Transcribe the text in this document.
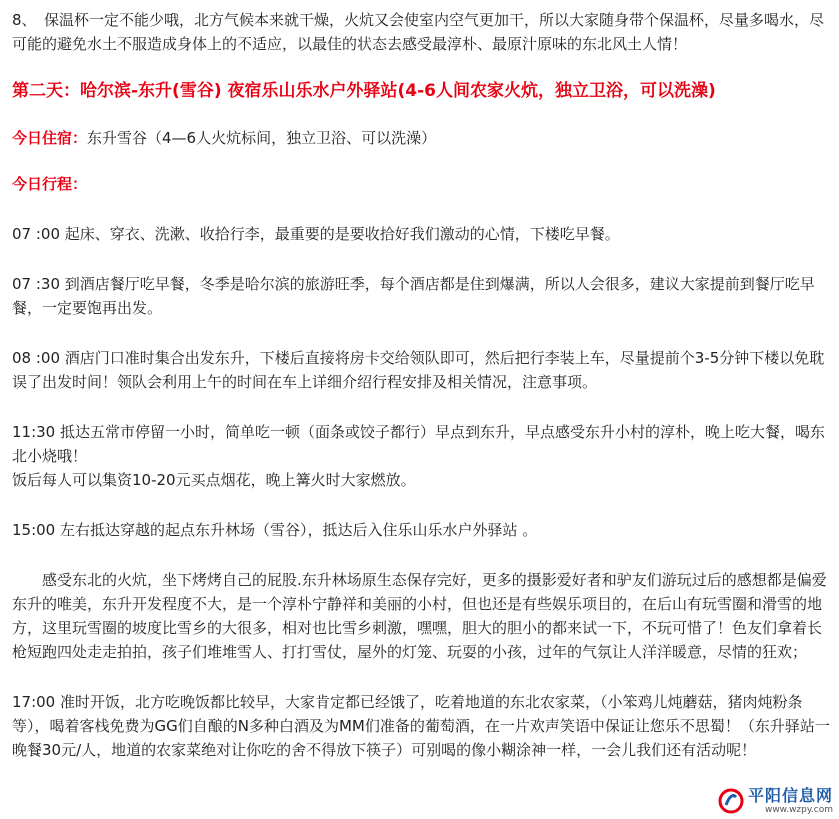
8、　保温杯一定不能少哦，北方气候本来就干燥，火炕又会使室内空气更加干，所以大家随身带个保温杯，尽量多喝水，尽可能的避免水土不服造成身体上的不适应，以最佳的状态去感受最淳朴、最原汁原味的东北风土人情！

第二天：哈尔滨-东升(雪谷) 夜宿乐山乐水户外驿站(4-6人间农家火炕，独立卫浴，可以洗澡)

今日住宿：东升雪谷（4—6人火炕标间，独立卫浴、可以洗澡）

今日行程：

07 :00 起床、穿衣、洗漱、收拾行李，最重要的是要收拾好我们激动的心情，下楼吃早餐。

07 :30 到酒店餐厅吃早餐，冬季是哈尔滨的旅游旺季，每个酒店都是住到爆满，所以人会很多，建议大家提前到餐厅吃早餐，一定要饱再出发。

08 :00 酒店门口准时集合出发东升，下楼后直接将房卡交给领队即可，然后把行李装上车，尽量提前个3-5分钟下楼以免耽误了出发时间！领队会利用上午的时间在车上详细介绍行程安排及相关情况，注意事项。

11:30 抵达五常市停留一小时，简单吃一顿（面条或饺子都行）早点到东升，早点感受东升小村的淳朴，晚上吃大餐，喝东北小烧哦！

饭后每人可以集资10-20元买点烟花，晚上篝火时大家燃放。

15:00 左右抵达穿越的起点东升林场（雪谷），抵达后入住乐山乐水户外驿站 。

感受东北的火炕，坐下烤烤自己的屁股.东升林场原生态保存完好，更多的摄影爱好者和驴友们游玩过后的感想都是偏爱东升的唯美，东升开发程度不大，是一个淳朴宁静祥和美丽的小村，但也还是有些娱乐项目的，在后山有玩雪圈和滑雪的地方，这里玩雪圈的坡度比雪乡的大很多，相对也比雪乡刺激，嘿嘿，胆大的胆小的都来试一下，不玩可惜了！色友们拿着长枪短跑四处走走拍拍，孩子们堆堆雪人、打打雪仗，屋外的灯笼、玩耍的小孩，过年的气氛让人洋洋暖意，尽情的狂欢；

17:00 准时开饭，北方吃晚饭都比较早，大家肯定都已经饿了，吃着地道的东北农家菜，（小笨鸡儿炖蘑菇，猪肉炖粉条等），喝着客栈免费为GG们自酿的N多种白酒及为MM们准备的葡萄酒，在一片欢声笑语中保证让您乐不思蜀！（东升驿站一晚餐30元/人，地道的农家菜绝对让你吃的舍不得放下筷子）可别喝的像小糊涂神一样，一会儿我们还有活动呢！

平阳信息网
www.wzpy.com
